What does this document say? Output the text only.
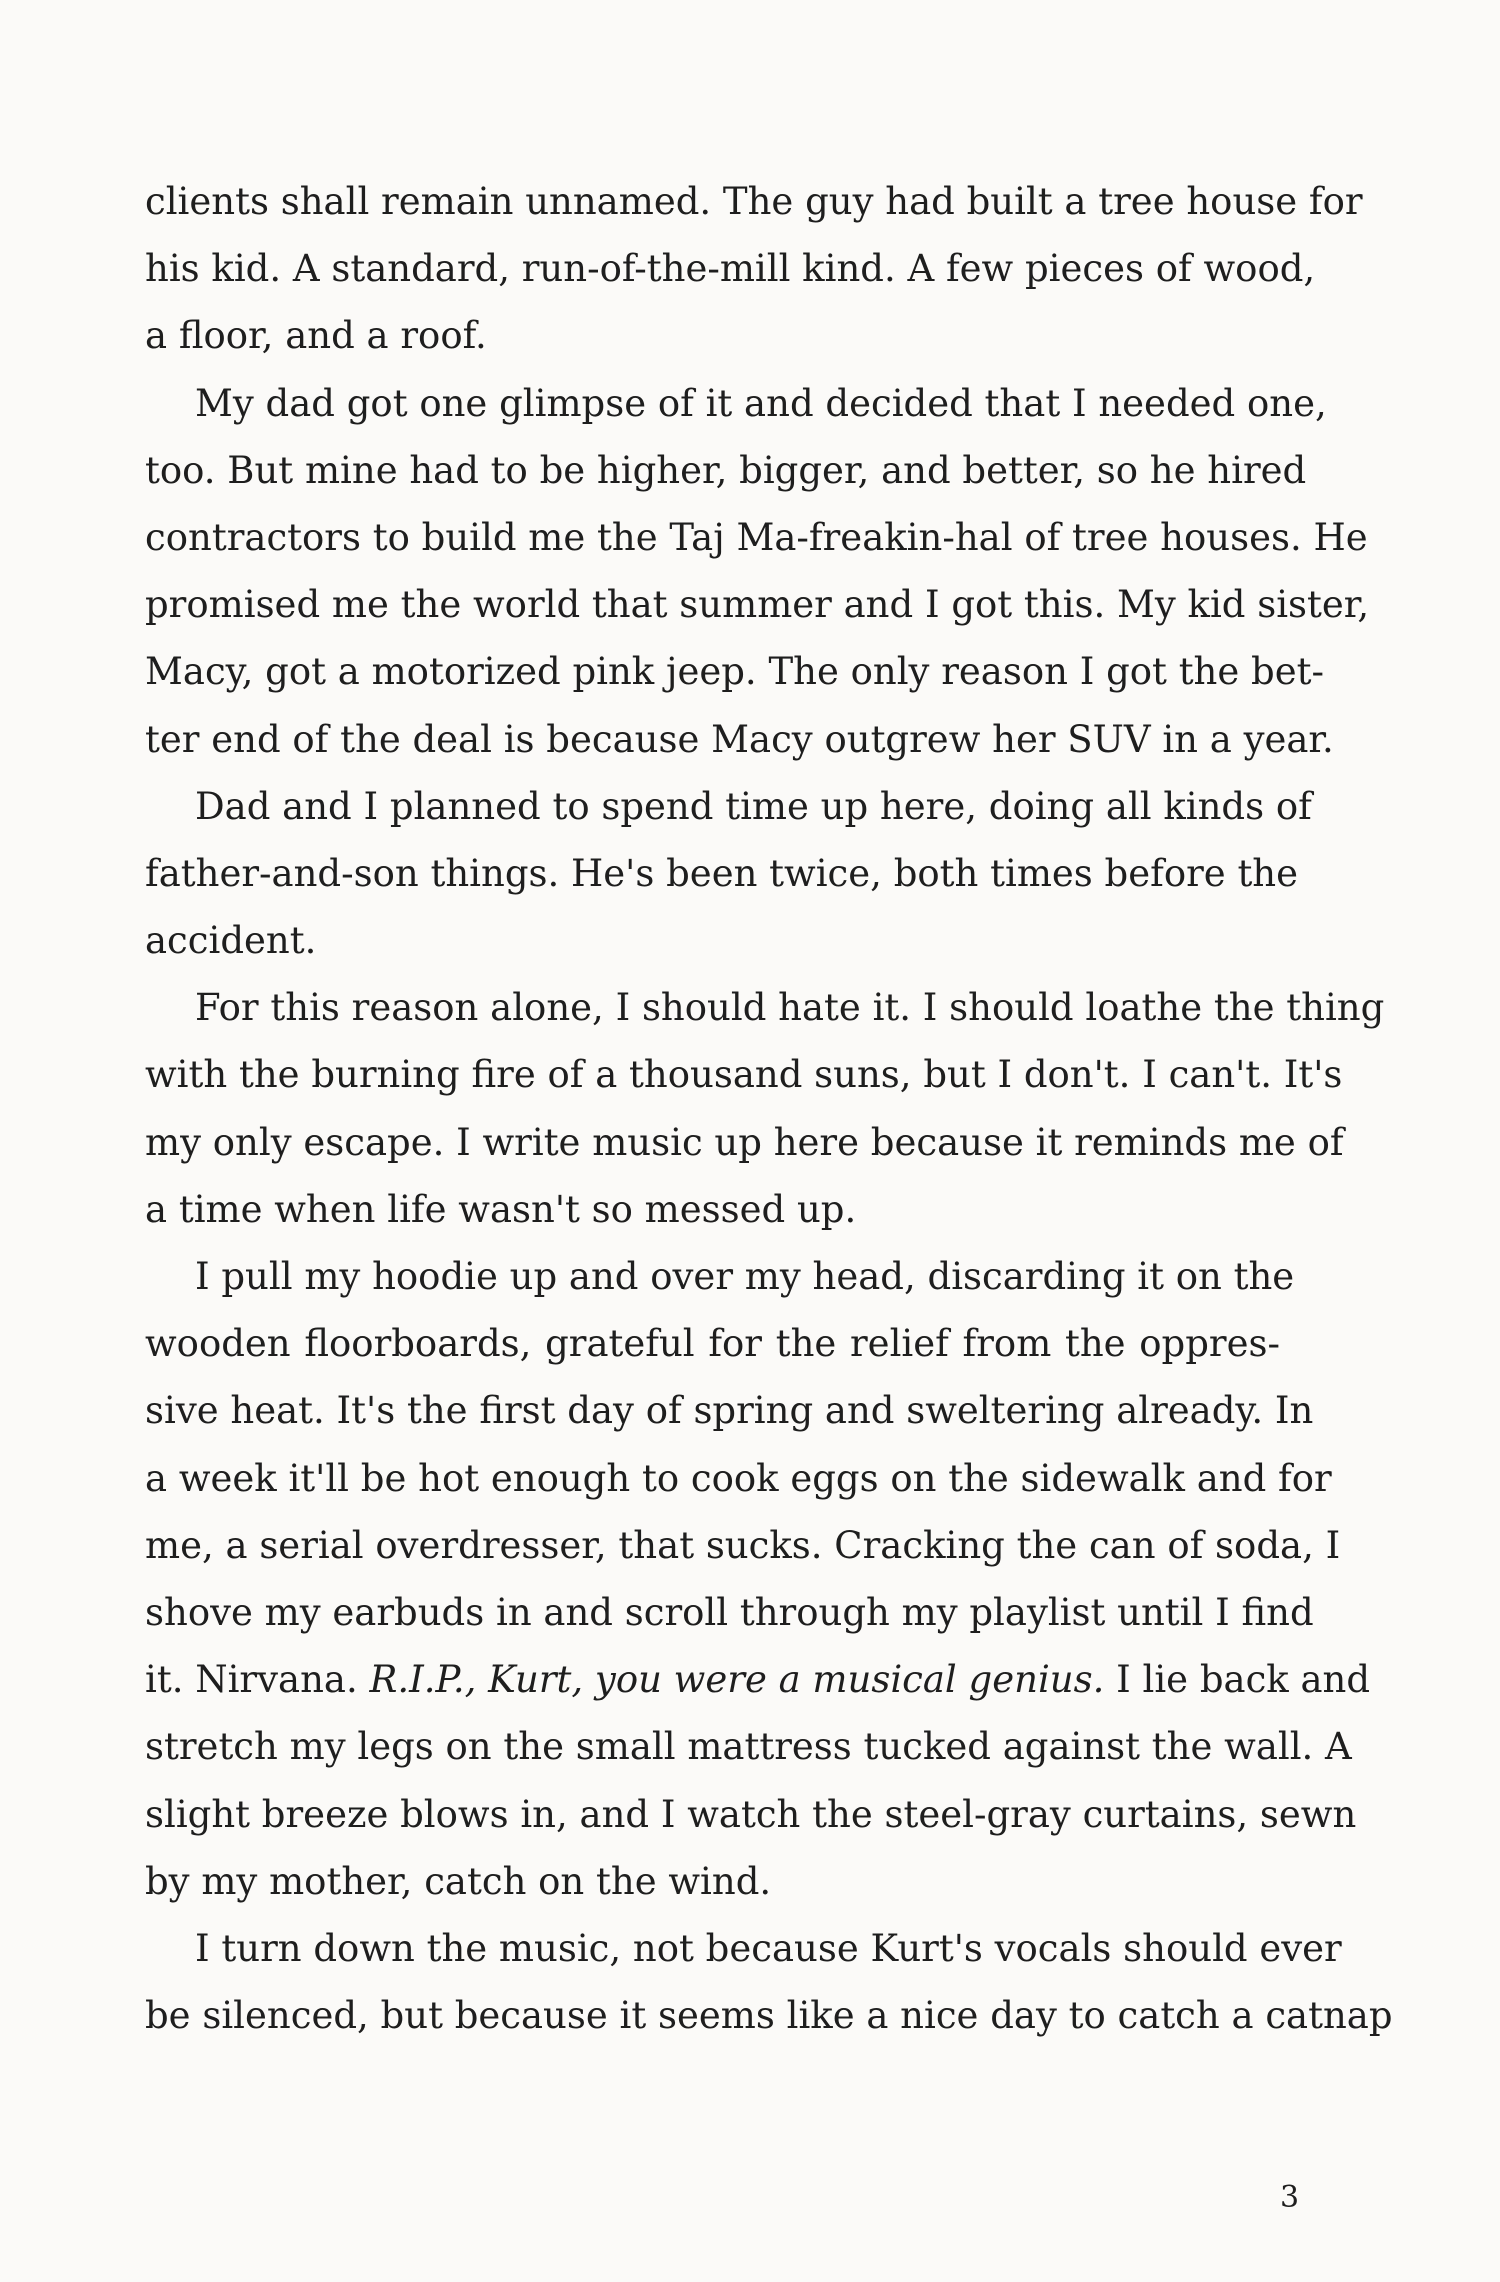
clients shall remain unnamed. The guy had built a tree house for
his kid. A standard, run-of-the-mill kind. A few pieces of wood,
a floor, and a roof.
My dad got one glimpse of it and decided that I needed one,
too. But mine had to be higher, bigger, and better, so he hired
contractors to build me the Taj Ma-freakin-hal of tree houses. He
promised me the world that summer and I got this. My kid sister,
Macy, got a motorized pink jeep. The only reason I got the bet-
ter end of the deal is because Macy outgrew her SUV in a year.
Dad and I planned to spend time up here, doing all kinds of
father-and-son things. He's been twice, both times before the
accident.
For this reason alone, I should hate it. I should loathe the thing
with the burning fire of a thousand suns, but I don't. I can't. It's
my only escape. I write music up here because it reminds me of
a time when life wasn't so messed up.
I pull my hoodie up and over my head, discarding it on the
wooden floorboards, grateful for the relief from the oppres-
sive heat. It's the first day of spring and sweltering already. In
a week it'll be hot enough to cook eggs on the sidewalk and for
me, a serial overdresser, that sucks. Cracking the can of soda, I
shove my earbuds in and scroll through my playlist until I find
it. Nirvana. R.I.P., Kurt, you were a musical genius. I lie back and
stretch my legs on the small mattress tucked against the wall. A
slight breeze blows in, and I watch the steel-gray curtains, sewn
by my mother, catch on the wind.
I turn down the music, not because Kurt's vocals should ever
be silenced, but because it seems like a nice day to catch a catnap
3
